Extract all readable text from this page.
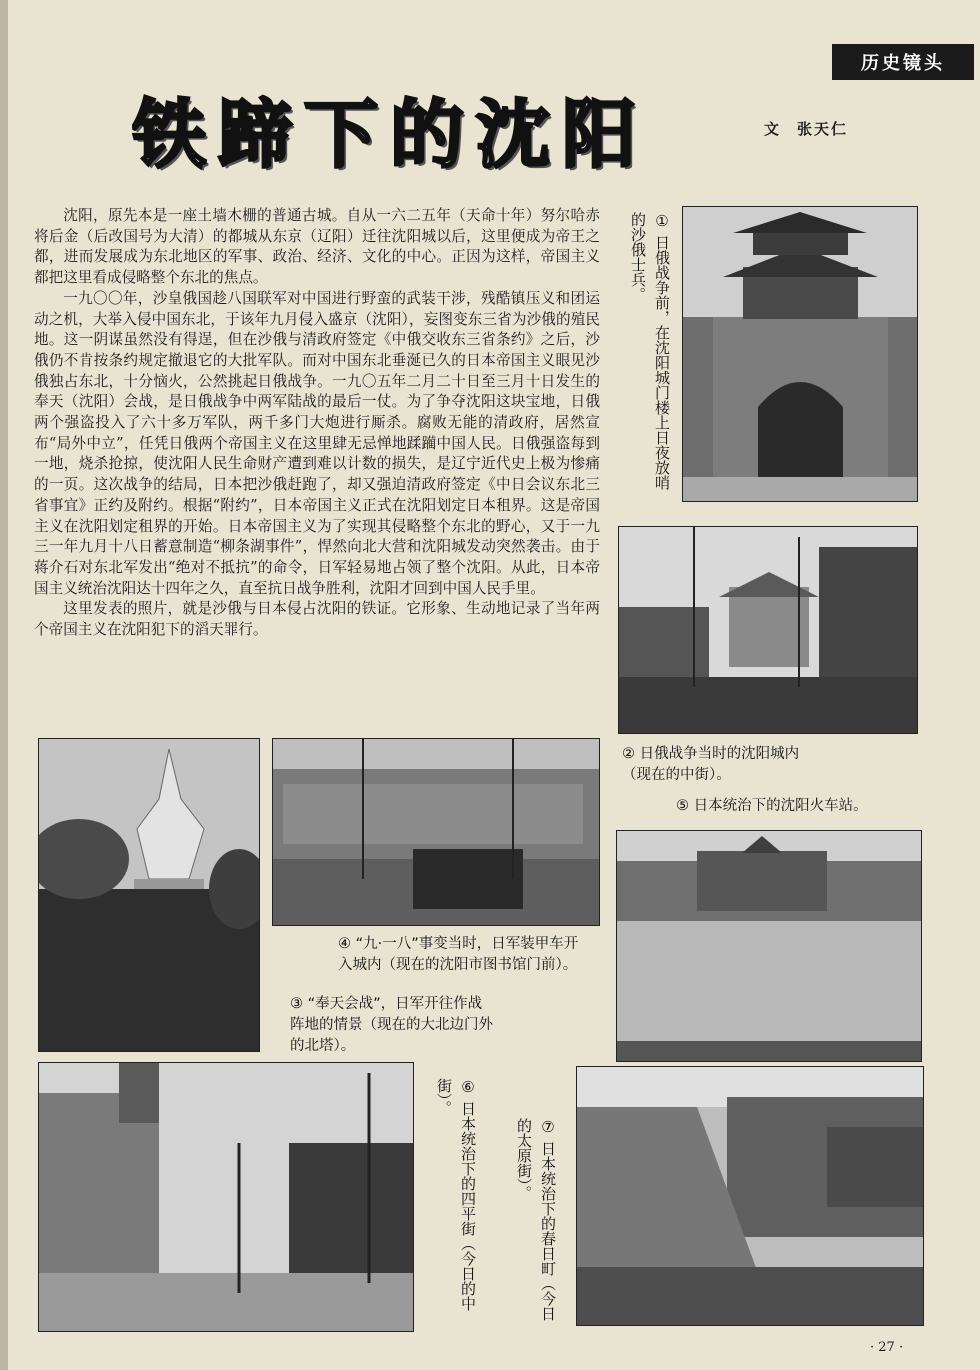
历史镜头
铁蹄下的沈阳	文 张天仁

沈阳，原先本是一座土墙木栅的普通古城。自从一六二五年（天命十年）努尔哈赤将后金（后改国号为大清）的都城从东京（辽阳）迁往沈阳城以后，这里便成为帝王之都，进而发展成为东北地区的军事、政治、经济、文化的中心。正因为这样，帝国主义都把这里看成侵略整个东北的焦点。

一九〇〇年，沙皇俄国趁八国联军对中国进行野蛮的武装干涉，残酷镇压义和团运动之机，大举入侵中国东北，于该年九月侵入盛京（沈阳），妄图变东三省为沙俄的殖民地。这一阴谋虽然没有得逞，但在沙俄与清政府签定《中俄交收东三省条约》之后，沙俄仍不肯按条约规定撤退它的大批军队。而对中国东北垂涎已久的日本帝国主义眼见沙俄独占东北，十分恼火，公然挑起日俄战争。一九〇五年二月二十日至三月十日发生的奉天（沈阳）会战，是日俄战争中两军陆战的最后一仗。为了争夺沈阳这块宝地，日俄两个强盗投入了六十多万军队，两千多门大炮进行厮杀。腐败无能的清政府，居然宣布“局外中立”，任凭日俄两个帝国主义在这里肆无忌惮地蹂躏中国人民。日俄强盗每到一地，烧杀抢掠，使沈阳人民生命财产遭到难以计数的损失，是辽宁近代史上极为惨痛的一页。这次战争的结局，日本把沙俄赶跑了，却又强迫清政府签定《中日会议东北三省事宜》正约及附约。根据“附约”，日本帝国主义正式在沈阳划定日本租界。这是帝国主义在沈阳划定租界的开始。日本帝国主义为了实现其侵略整个东北的野心，又于一九三一年九月十八日蓄意制造“柳条湖事件”，悍然向北大营和沈阳城发动突然袭击。由于蒋介石对东北军发出“绝对不抵抗”的命令，日军轻易地占领了整个沈阳。从此，日本帝国主义统治沈阳达十四年之久，直至抗日战争胜利，沈阳才回到中国人民手里。

这里发表的照片，就是沙俄与日本侵占沈阳的铁证。它形象、生动地记录了当年两个帝国主义在沈阳犯下的滔天罪行。

① 日俄战争前，在沈阳城门楼上日夜放哨的沙俄士兵。
② 日俄战争当时的沈阳城内（现在的中街）。
⑤ 日本统治下的沈阳火车站。
④ “九·一八”事变当时，日军装甲车开入城内（现在的沈阳市图书馆门前）。
③ “奉天会战”，日军开往作战阵地的情景（现在的大北边门外的北塔）。
⑥ 日本统治下的四平街（今日的中街）。
⑦ 日本统治下的春日町（今日的太原街）。
· 27 ·
